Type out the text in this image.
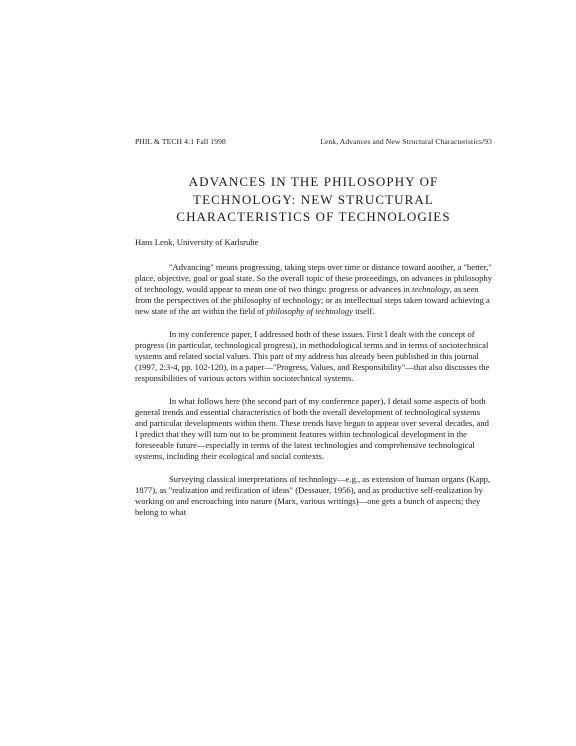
PHIL & TECH 4:1 Fall 1998	Lenk, Advances and New Structural Characteristics/93
ADVANCES IN THE PHILOSOPHY OF
TECHNOLOGY: NEW STRUCTURAL
CHARACTERISTICS OF TECHNOLOGIES
Hans Lenk, University of Karlsruhe

"Advancing" means progressing, taking steps over time or distance toward another, a "better," place, objective, goal or goal state. So the overall topic of these proceedings, on advances in philosophy of technology, would appear to mean one of two things: progress or advances in technology, as seen from the perspectives of the philosophy of technology; or as intellectual steps taken toward achieving a new state of the art within the field of philosophy of technology itself.

In my conference paper, I addressed both of these issues. First I dealt with the concept of progress (in particular, technological progress), in methodological terms and in terms of sociotechnical systems and related social values. This part of my address has already been published in this journal (1997, 2:3-4, pp. 102-120), in a paper—"Progress, Values, and Responsibility"—that also discusses the responsibilities of various actors within sociotechnical systems.

In what follows here (the second part of my conference paper), I detail some aspects of both general trends and essential characteristics of both the overall development of technological systems and particular developments within them. These trends have begun to appear over several decades, and I predict that they will turn out to be prominent features within technological development in the foreseeable future—especially in terms of the latest technologies and comprehensive technological systems, including their ecological and social contexts.

Surveying classical interpretations of technology—e.g., as extension of human organs (Kapp, 1877), as "realization and reification of ideas" (Dessauer, 1956), and as productive self-realization by working on and encroaching into nature (Marx, various writings)—one gets a bunch of aspects; they belong to what
